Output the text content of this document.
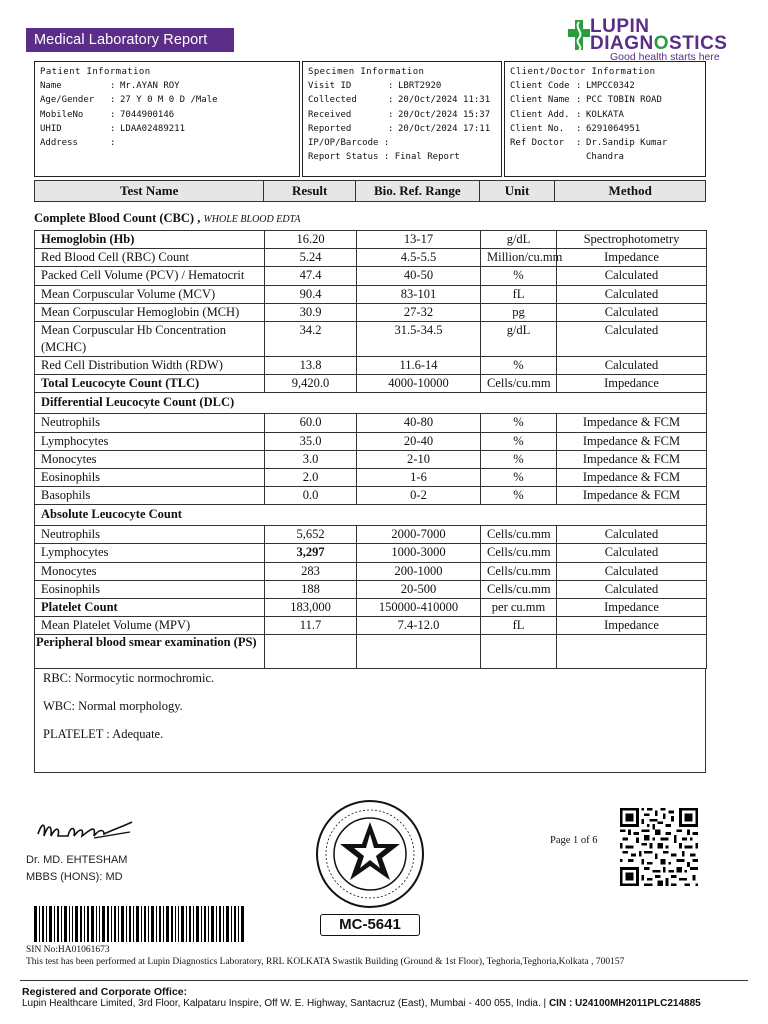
Medical Laboratory Report
LUPIN
DIAGNOSTICS
Good health starts here
Patient Information
Name	: Mr.AYAN ROY
Age/Gender	: 27 Y 0 M 0 D /Male
MobileNo	: 7044900146
UHID	: LDAA02489211
Address	:
Specimen Information
Visit ID	: LBRT2920
Collected	: 20/Oct/2024 11:31
Received	: 20/Oct/2024 15:37
Reported	: 20/Oct/2024 17:11
IP/OP/Barcode :
Report Status : Final Report
Client/Doctor Information
Client Code : LMPCC0342
Client Name : PCC TOBIN ROAD
Client Add. : KOLKATA
Client No.	: 6291064951
Ref Doctor	: Dr.Sandip Kumar Chandra
Test Name	Result	Bio. Ref. Range	Unit	Method
Complete Blood Count (CBC) , WHOLE BLOOD EDTA
Hemoglobin (Hb)	16.20	13-17	g/dL	Spectrophotometry
Red Blood Cell (RBC) Count	5.24	4.5-5.5	Million/cu.mm	Impedance
Packed Cell Volume (PCV) / Hematocrit	47.4	40-50	%	Calculated
Mean Corpuscular Volume (MCV)	90.4	83-101	fL	Calculated
Mean Corpuscular Hemoglobin (MCH)	30.9	27-32	pg	Calculated
Mean Corpuscular Hb Concentration (MCHC)	34.2	31.5-34.5	g/dL	Calculated
Red Cell Distribution Width (RDW)	13.8	11.6-14	%	Calculated
Total Leucocyte Count (TLC)	9,420.0	4000-10000	Cells/cu.mm	Impedance
Differential Leucocyte Count (DLC)				
Neutrophils	60.0	40-80	%	Impedance & FCM
Lymphocytes	35.0	20-40	%	Impedance & FCM
Monocytes	3.0	2-10	%	Impedance & FCM
Eosinophils	2.0	1-6	%	Impedance & FCM
Basophils	0.0	0-2	%	Impedance & FCM
Absolute Leucocyte Count				
Neutrophils	5,652	2000-7000	Cells/cu.mm	Calculated
Lymphocytes	3,297	1000-3000	Cells/cu.mm	Calculated
Monocytes	283	200-1000	Cells/cu.mm	Calculated
Eosinophils	188	20-500	Cells/cu.mm	Calculated
Platelet Count	183,000	150000-410000	per cu.mm	Impedance
Mean Platelet Volume (MPV)	11.7	7.4-12.0	fL	Impedance
Peripheral blood smear examination (PS)				

RBC: Normocytic normochromic.

WBC: Normal morphology.

PLATELET : Adequate.

Dr. MD. EHTESHAM
MBBS (HONS): MD
MC-5641
Page 1 of 6
SIN No:HA01061673
This test has been performed at Lupin Diagnostics Laboratory, RRL KOLKATA Swastik Building (Ground & 1st Floor), Teghoria,Teghoria,Kolkata , 700157
Registered and Corporate Office:
Lupin Healthcare Limited, 3rd Floor, Kalpataru Inspire, Off W. E. Highway, Santacruz (East), Mumbai - 400 055, India. | CIN : U24100MH2011PLC214885
